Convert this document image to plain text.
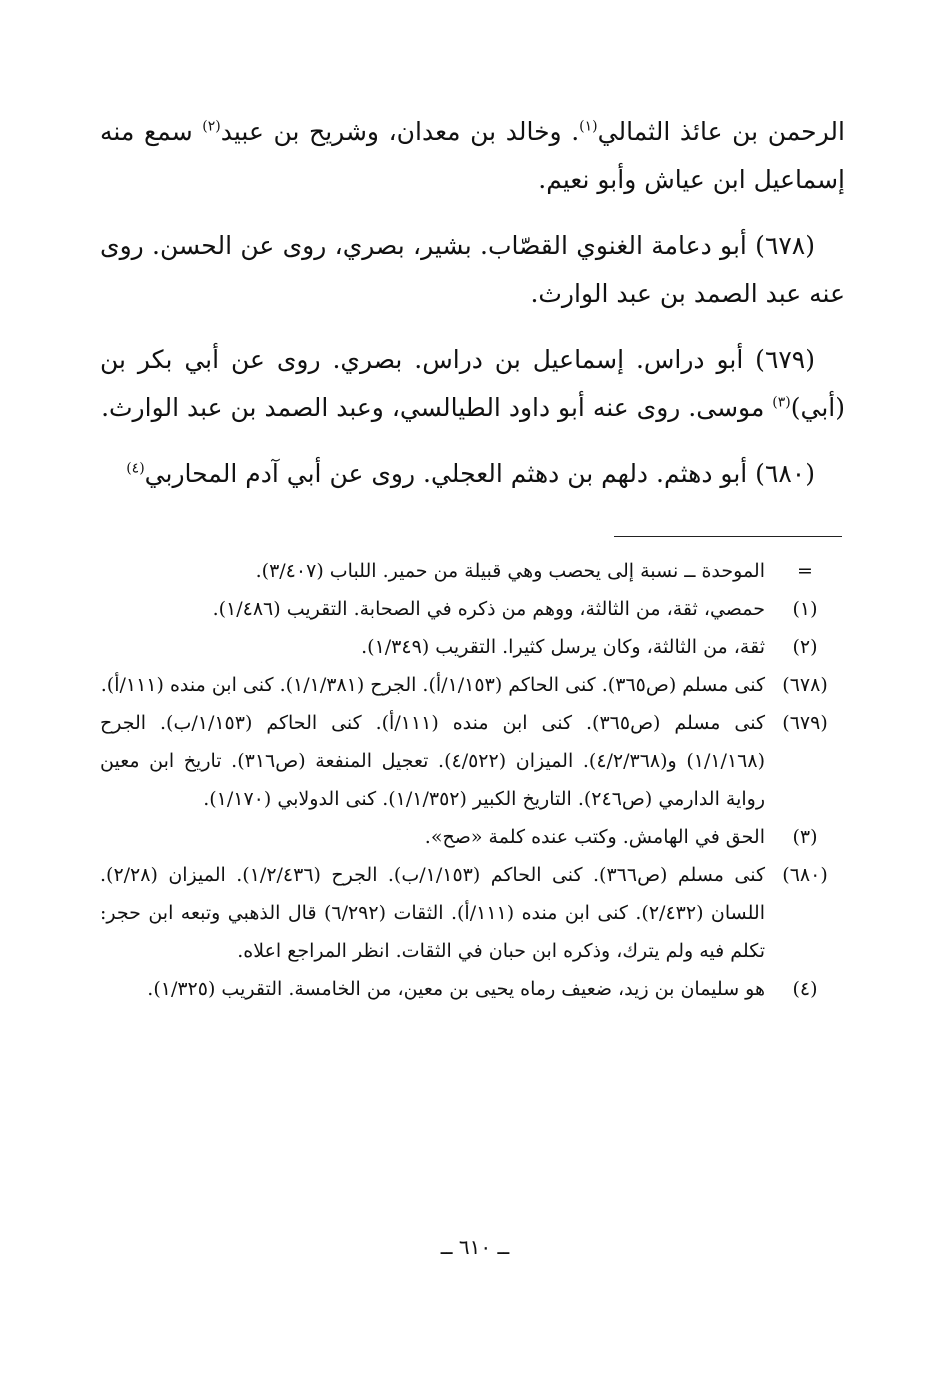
الرحمن بن عائذ الثمالي$^{(١)}$. وخالد بن معدان، وشريح بن عبيد$^{(٢)}$ سمع منه إسماعيل ابن عياش وأبو نعيم.

(٦٧٨) أبو دعامة الغنوي القصّاب. بشير، بصري، روى عن الحسن. روى عنه عبد الصمد بن عبد الوارث.

(٦٧٩) أبو دراس. إسماعيل بن دراس. بصري. روى عن أبي بكر بن (أبي)$^{(٣)}$ موسى. روى عنه أبو داود الطيالسي، وعبد الصمد بن عبد الوارث.

(٦٨٠) أبو دهثم. دلهم بن دهثم العجلي. روى عن أبي آدم المحاربي$^{(٤)}$

=
الموحدة ــ نسبة إلى يحصب وهي قبيلة من حمير. اللباب (٣/٤٠٧).
(١)
حمصي، ثقة، من الثالثة، ووهم من ذكره في الصحابة. التقريب (١/٤٨٦).
(٢)
ثقة، من الثالثة، وكان يرسل كثيرا. التقريب (١/٣٤٩).
(٦٧٨)
كنى مسلم (ص٣٦٥). كنى الحاكم (١/١٥٣/أ). الجرح (١/١/٣٨١). كنى ابن منده (١١١/أ).
(٦٧٩)
كنى مسلم (ص٣٦٥). كنى ابن منده (١١١/أ). كنى الحاكم (١/١٥٣/ب). الجرح (١/١/١٦٨) و(٤/٢/٣٦٨). الميزان (٤/٥٢٢). تعجيل المنفعة (ص٣١٦). تاريخ ابن معين رواية الدارمي (ص٢٤٦). التاريخ الكبير (١/١/٣٥٢). كنى الدولابي (١/١٧٠).
(٣)
الحق في الهامش. وكتب عنده كلمة «صح».
(٦٨٠)
كنى مسلم (ص٣٦٦). كنى الحاكم (١/١٥٣/ب). الجرح (١/٢/٤٣٦). الميزان (٢/٢٨). اللسان (٢/٤٣٢). كنى ابن منده (١١١/أ). الثقات (٦/٢٩٢) قال الذهبي وتبعه ابن حجر: تكلم فيه ولم يترك، وذكره ابن حبان في الثقات. انظر المراجع اعلاه.
(٤)
هو سليمان بن زيد، ضعيف رماه يحيى بن معين، من الخامسة. التقريب (١/٣٢٥).
ــ ٦١٠ ــ
